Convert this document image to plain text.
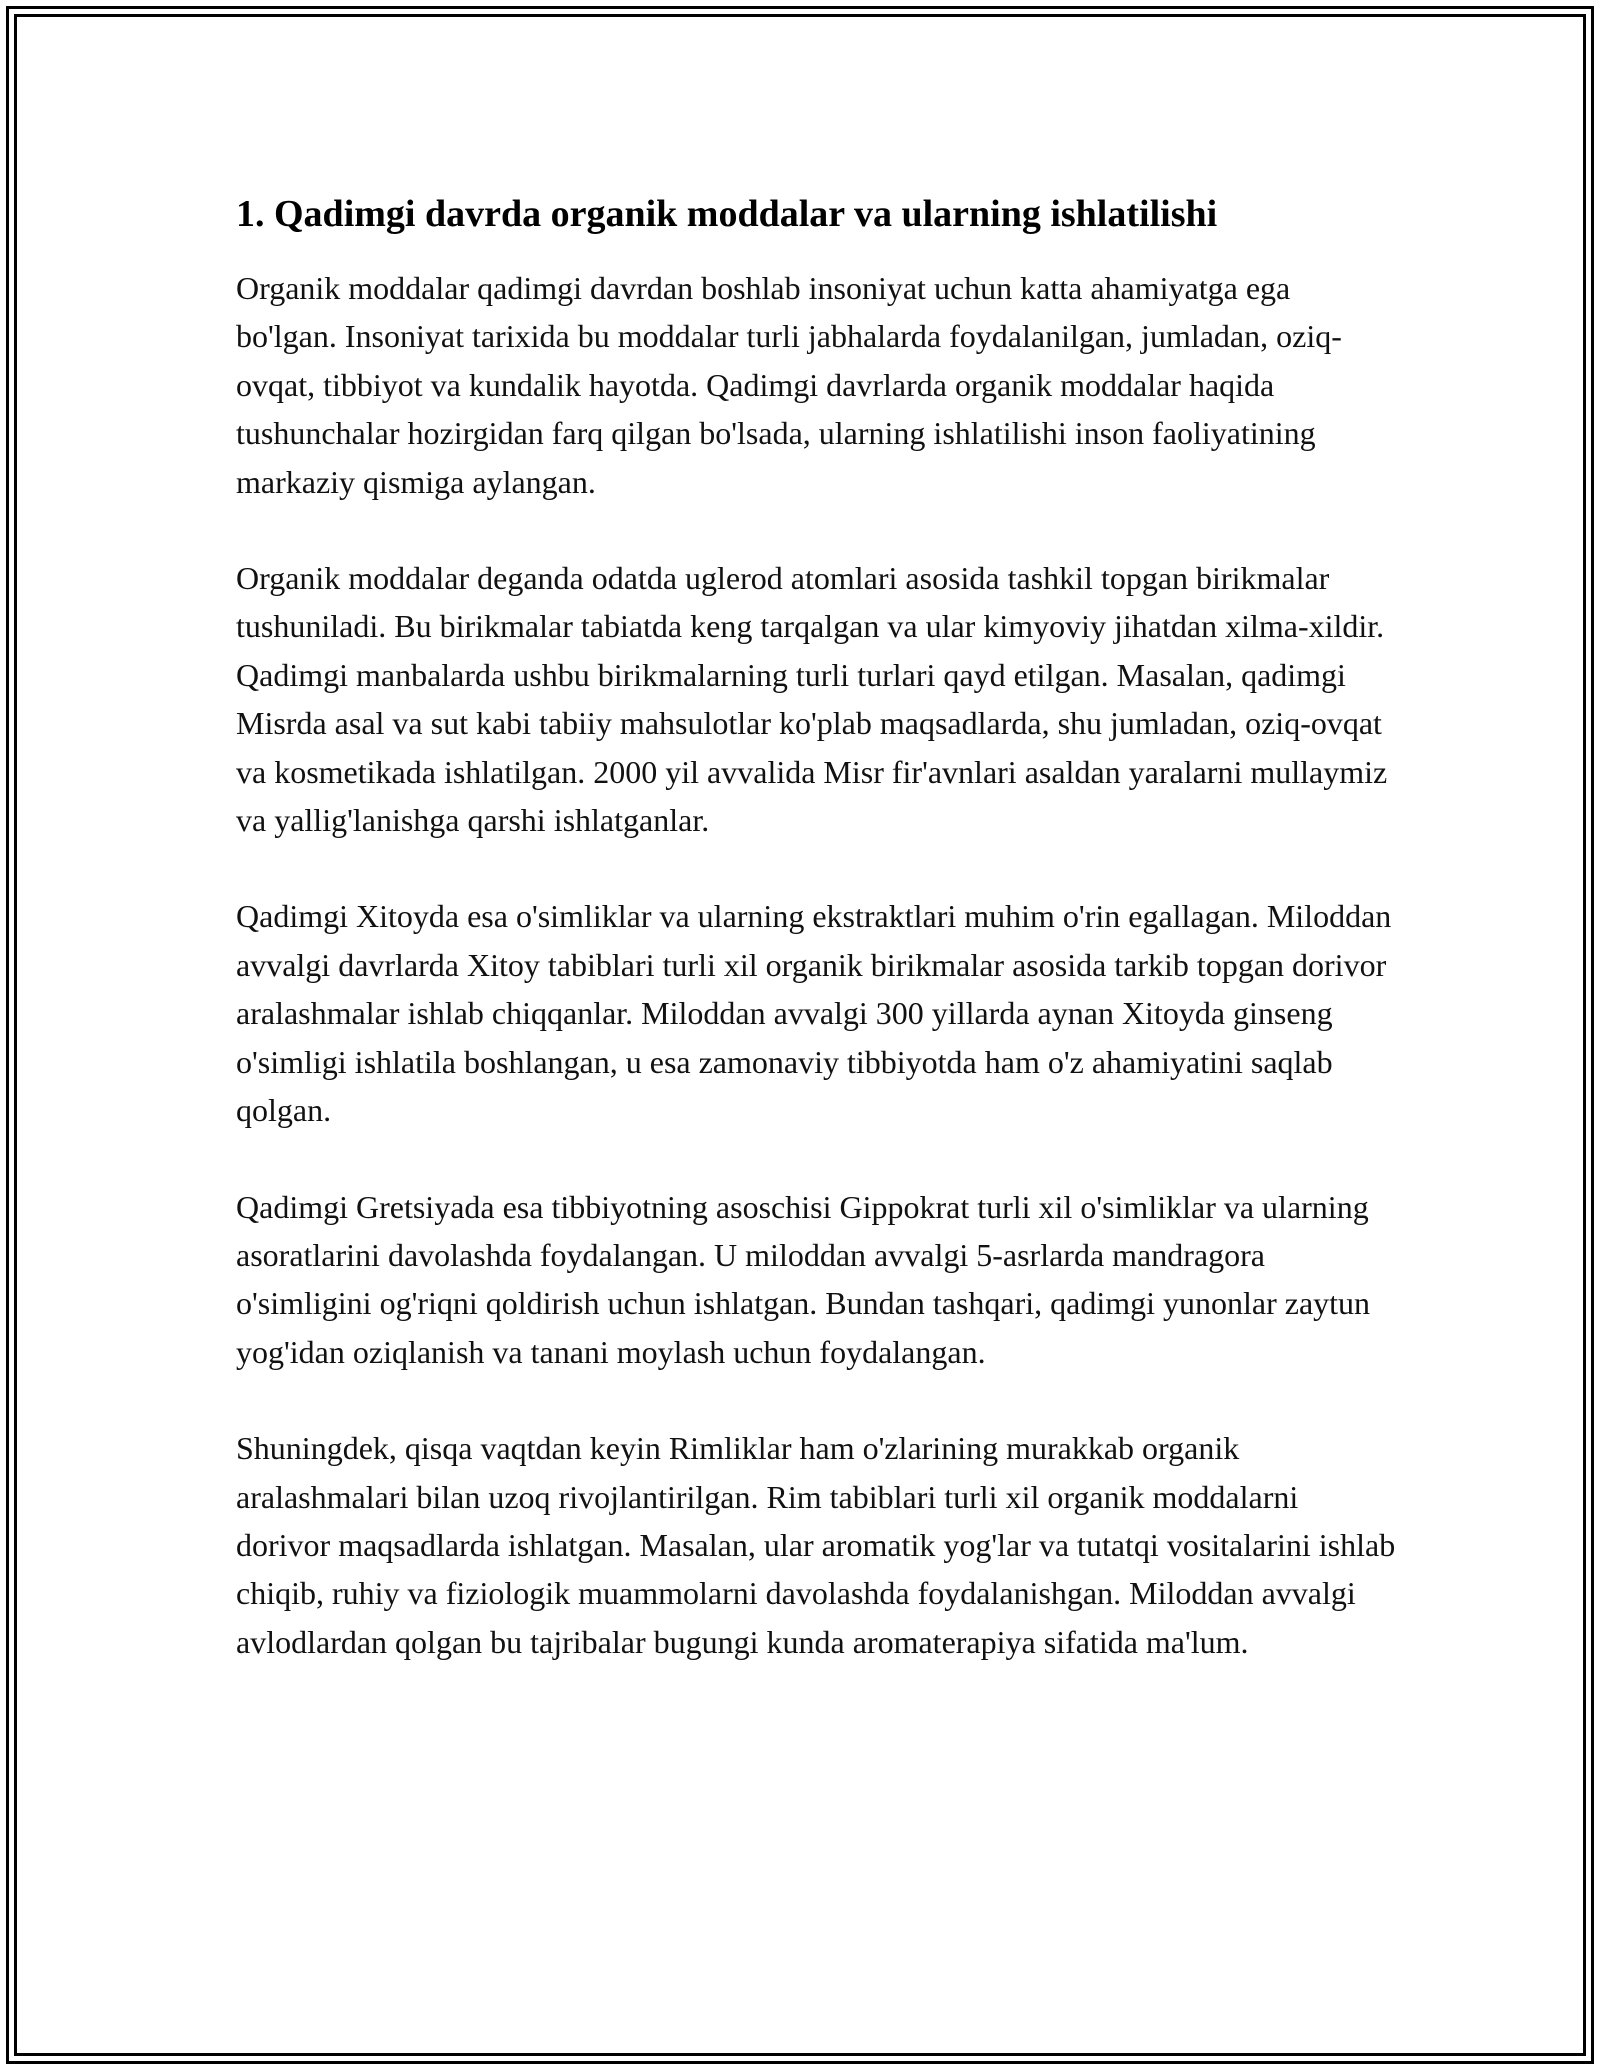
1. Qadimgi davrda organik moddalar va ularning ishlatilishi

Organik moddalar qadimgi davrdan boshlab insoniyat uchun katta ahamiyatga ega bo'lgan. Insoniyat tarixida bu moddalar turli jabhalarda foydalanilgan, jumladan, oziq-ovqat, tibbiyot va kundalik hayotda. Qadimgi davrlarda organik moddalar haqida tushunchalar hozirgidan farq qilgan bo'lsada, ularning ishlatilishi inson faoliyatining markaziy qismiga aylangan.

Organik moddalar deganda odatda uglerod atomlari asosida tashkil topgan birikmalar tushuniladi. Bu birikmalar tabiatda keng tarqalgan va ular kimyoviy jihatdan xilma-xildir. Qadimgi manbalarda ushbu birikmalarning turli turlari qayd etilgan. Masalan, qadimgi Misrda asal va sut kabi tabiiy mahsulotlar ko'plab maqsadlarda, shu jumladan, oziq-ovqat va kosmetikada ishlatilgan. 2000 yil avvalida Misr fir'avnlari asaldan yaralarni mullaymiz va yallig'lanishga qarshi ishlatganlar.

Qadimgi Xitoyda esa o'simliklar va ularning ekstraktlari muhim o'rin egallagan. Miloddan avvalgi davrlarda Xitoy tabiblari turli xil organik birikmalar asosida tarkib topgan dorivor aralashmalar ishlab chiqqanlar. Miloddan avvalgi 300 yillarda aynan Xitoyda ginseng o'simligi ishlatila boshlangan, u esa zamonaviy tibbiyotda ham o'z ahamiyatini saqlab qolgan.

Qadimgi Gretsiyada esa tibbiyotning asoschisi Gippokrat turli xil o'simliklar va ularning asoratlarini davolashda foydalangan. U miloddan avvalgi 5-asrlarda mandragora o'simligini og'riqni qoldirish uchun ishlatgan. Bundan tashqari, qadimgi yunonlar zaytun yog'idan oziqlanish va tanani moylash uchun foydalangan.

Shuningdek, qisqa vaqtdan keyin Rimliklar ham o'zlarining murakkab organik aralashmalari bilan uzoq rivojlantirilgan. Rim tabiblari turli xil organik moddalarni dorivor maqsadlarda ishlatgan. Masalan, ular aromatik yog'lar va tutatqi vositalarini ishlab chiqib, ruhiy va fiziologik muammolarni davolashda foydalanishgan. Miloddan avvalgi avlodlardan qolgan bu tajribalar bugungi kunda aromaterapiya sifatida ma'lum.
